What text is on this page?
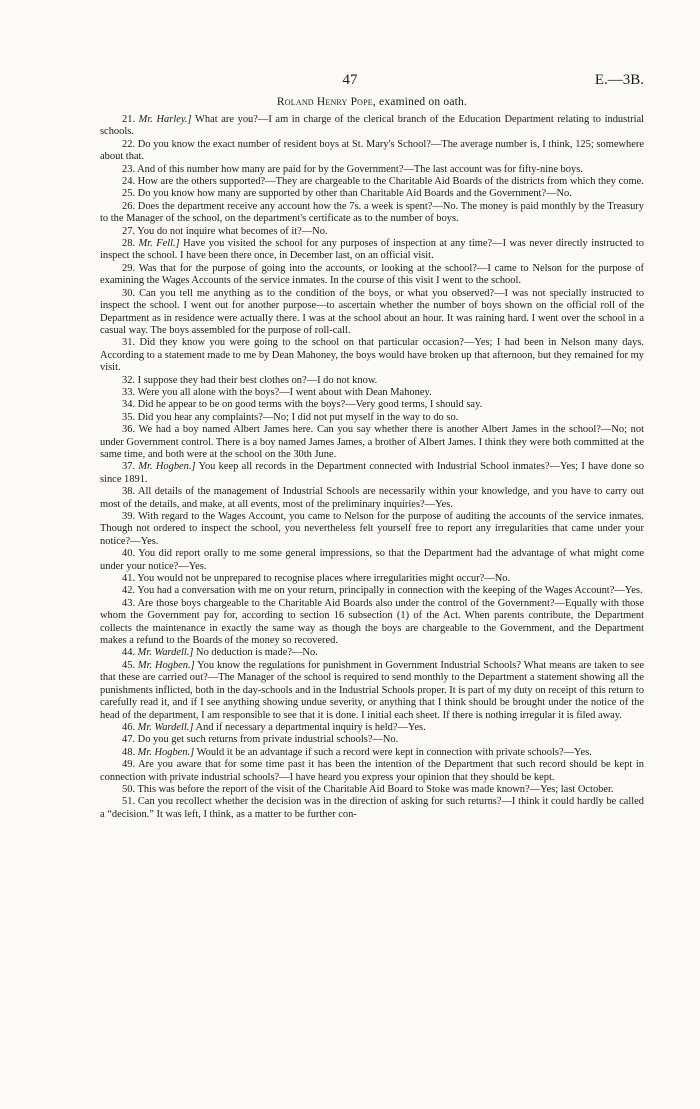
47	E.—3B.
Roland Henry Pope, examined on oath.

21. Mr. Harley.] What are you?—I am in charge of the clerical branch of the Education Department relating to industrial schools.

22. Do you know the exact number of resident boys at St. Mary's School?—The average number is, I think, 125; somewhere about that.

23. And of this number how many are paid for by the Government?—The last account was for fifty-nine boys.

24. How are the others supported?—They are chargeable to the Charitable Aid Boards of the districts from which they come.

25. Do you know how many are supported by other than Charitable Aid Boards and the Government?—No.

26. Does the department receive any account how the 7s. a week is spent?—No. The money is paid monthly by the Treasury to the Manager of the school, on the department's certificate as to the number of boys.

27. You do not inquire what becomes of it?—No.

28. Mr. Fell.] Have you visited the school for any purposes of inspection at any time?—I was never directly instructed to inspect the school. I have been there once, in December last, on an official visit.

29. Was that for the purpose of going into the accounts, or looking at the school?—I came to Nelson for the purpose of examining the Wages Accounts of the service inmates. In the course of this visit I went to the school.

30. Can you tell me anything as to the condition of the boys, or what you observed?—I was not specially instructed to inspect the school. I went out for another purpose—to ascertain whether the number of boys shown on the official roll of the Department as in residence were actually there. I was at the school about an hour. It was raining hard. I went over the school in a casual way. The boys assembled for the purpose of roll-call.

31. Did they know you were going to the school on that particular occasion?—Yes; I had been in Nelson many days. According to a statement made to me by Dean Mahoney, the boys would have broken up that afternoon, but they remained for my visit.

32. I suppose they had their best clothes on?—I do not know.

33. Were you all alone with the boys?—I went about with Dean Mahoney.

34. Did he appear to be on good terms with the boys?—Very good terms, I should say.

35. Did you hear any complaints?—No; I did not put myself in the way to do so.

36. We had a boy named Albert James here. Can you say whether there is another Albert James in the school?—No; not under Government control. There is a boy named James James, a brother of Albert James. I think they were both committed at the same time, and both were at the school on the 30th June.

37. Mr. Hogben.] You keep all records in the Department connected with Industrial School inmates?—Yes; I have done so since 1891.

38. All details of the management of Industrial Schools are necessarily within your knowledge, and you have to carry out most of the details, and make, at all events, most of the preliminary inquiries?—Yes.

39. With regard to the Wages Account, you came to Nelson for the purpose of auditing the accounts of the service inmates. Though not ordered to inspect the school, you nevertheless felt yourself free to report any irregularities that came under your notice?—Yes.

40. You did report orally to me some general impressions, so that the Department had the advantage of what might come under your notice?—Yes.

41. You would not be unprepared to recognise places where irregularities might occur?—No.

42. You had a conversation with me on your return, principally in connection with the keeping of the Wages Account?—Yes.

43. Are those boys chargeable to the Charitable Aid Boards also under the control of the Government?—Equally with those whom the Government pay for, according to section 16 subsection (1) of the Act. When parents contribute, the Department collects the maintenance in exactly the same way as though the boys are chargeable to the Government, and the Department makes a refund to the Boards of the money so recovered.

44. Mr. Wardell.] No deduction is made?—No.

45. Mr. Hogben.] You know the regulations for punishment in Government Industrial Schools? What means are taken to see that these are carried out?—The Manager of the school is required to send monthly to the Department a statement showing all the punishments inflicted, both in the day-schools and in the Industrial Schools proper. It is part of my duty on receipt of this return to carefully read it, and if I see anything showing undue severity, or anything that I think should be brought under the notice of the head of the department, I am responsible to see that it is done. I initial each sheet. If there is nothing irregular it is filed away.

46. Mr. Wardell.] And if necessary a departmental inquiry is held?—Yes.

47. Do you get such returns from private industrial schools?—No.

48. Mr. Hogben.] Would it be an advantage if such a record were kept in connection with private schools?—Yes.

49. Are you aware that for some time past it has been the intention of the Department that such record should be kept in connection with private industrial schools?—I have heard you express your opinion that they should be kept.

50. This was before the report of the visit of the Charitable Aid Board to Stoke was made known?—Yes; last October.

51. Can you recollect whether the decision was in the direction of asking for such returns?—I think it could hardly be called a “decision.” It was left, I think, as a matter to be further con-
